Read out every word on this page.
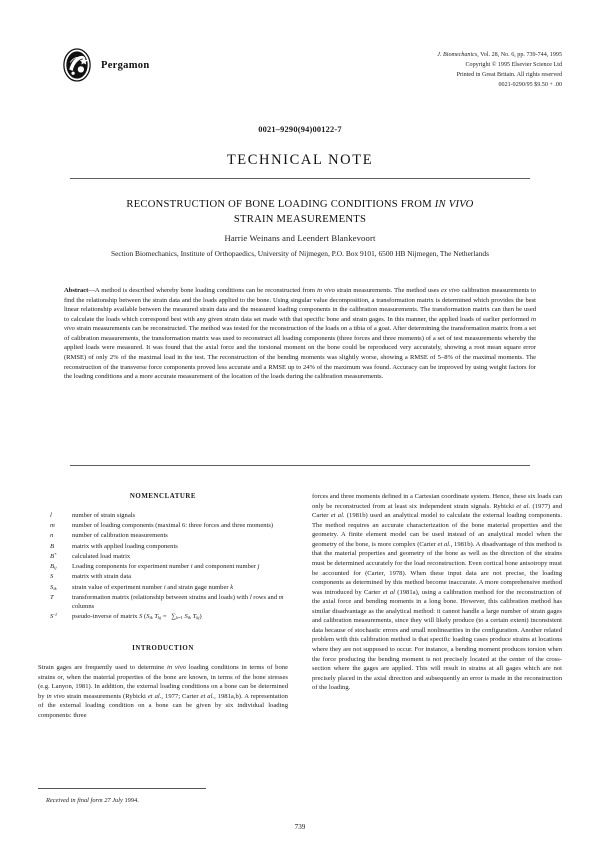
Pergamon
J. Biomechanics, Vol. 28, No. 6, pp. 739-744, 1995
Copyright © 1995 Elsevier Science Ltd
Printed in Great Britain. All rights reserved
0021-9290/95 $9.50 + .00
0021–9290(94)00122-7
TECHNICAL NOTE
RECONSTRUCTION OF BONE LOADING CONDITIONS FROM IN VIVO
STRAIN MEASUREMENTS
Harrie Weinans and Leendert Blankevoort
Section Biomechanics, Institute of Orthopaedics, University of Nijmegen, P.O. Box 9101, 6500 HB Nijmegen, The Netherlands
Abstract—A method is described whereby bone loading conditions can be reconstructed from in vivo strain measurements. The method uses ex vivo calibration measurements to find the relationship between the strain data and the loads applied to the bone. Using singular value decomposition, a transformation matrix is determined which provides the best linear relationship available between the measured strain data and the measured loading components in the calibration measurements. The transformation matrix can then be used to calculate the loads which correspond best with any given strain data set made with that specific bone and strain gages. In this manner, the applied loads of earlier performed in vivo strain measurements can be reconstructed. The method was tested for the reconstruction of the loads on a tibia of a goat. After determining the transformation matrix from a set of calibration measurements, the transformation matrix was used to reconstruct all loading components (three forces and three moments) of a set of test measurements whereby the applied loads were measured. It was found that the axial force and the torsional moment on the bone could be reproduced very accurately, showing a root mean square error (RMSE) of only 2% of the maximal load in the test. The reconstruction of the bending moments was slightly worse, showing a RMSE of 5–8% of the maximal moments. The reconstruction of the transverse force components proved less accurate and a RMSE up to 24% of the maximum was found. Accuracy can be improved by using weight factors for the loading conditions and a more accurate measurement of the location of the loads during the calibration measurements.
NOMENCLATURE
l	number of strain signals
m	number of loading components (maximal 6: three forces and three moments)
n	number of calibration measurements
B	matrix with applied loading components
B*	calculated load matrix
$B_{ij}$	Loading components for experiment number i and component number j
S	matrix with strain data
$S_{ik}$	strain value of experiment number i and strain gage number k
T	transformation matrix (relationship between strains and loads) with l rows and m columns
$S^{-1}$	pseudo-inverse of matrix S ($S_{ik}$ $T_{kj} = \sum_{k=1}$ $S_{ik}$ $T_{kj}$)
INTRODUCTION

Strain gages are frequently used to determine in vivo loading conditions in terms of bone strains or, when the material properties of the bone are known, in terms of the bone stresses (e.g. Lanyon, 1981). In addition, the external loading conditions on a bone can be determined by in vivo strain measurements (Rybicki et al., 1977; Carter et al., 1981a,b). A representation of the external loading condition on a bone can be given by six individual loading components: three

forces and three moments defined in a Cartesian coordinate system. Hence, these six loads can only be reconstructed from at least six independent strain signals. Rybicki et al. (1977) and Carter et al. (1981b) used an analytical model to calculate the external loading components. The method requires an accurate characterization of the bone material properties and the geometry. A finite element model can be used instead of an analytical model when the geometry of the bone, is more complex (Carter et al., 1981b). A disadvantage of this method is that the material properties and geometry of the bone as well as the direction of the strains must be determined accurately for the load reconstruction. Even cortical bone anisotropy must be accounted for (Carter, 1978). When these input data are not precise, the loading components as determined by this method become inaccurate. A more comprehensive method was introduced by Carter et al (1981a), using a calibration method for the reconstruction of the axial force and bending moments in a long bone. However, this calibration method has similar disadvantage as the analytical method: it cannot handle a large number of strain gages and calibration measurements, since they will likely produce (to a certain extent) inconsistent data because of stochastic errors and small nonlinearities in the configuration. Another related problem with this calibration method is that specific loading cases produce strains at locations where they are not supposed to occur. For instance, a bending moment produces torsion when the force producing the bending moment is not precisely located at the center of the cross-section where the gages are applied. This will result in strains at all gages which are not precisely placed in the axial direction and subsequently an error is made in the reconstruction of the loading.

Received in final form 27 July 1994.
739
